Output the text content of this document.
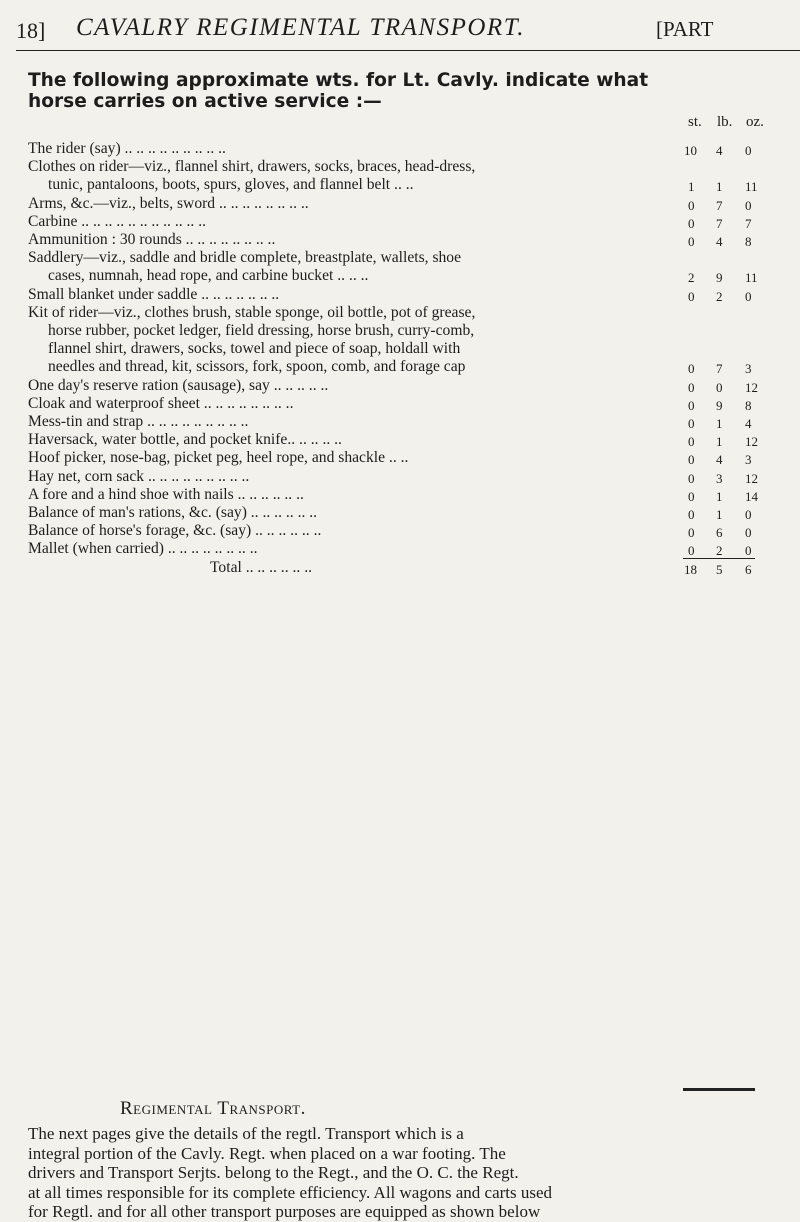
18] CAVALRY REGIMENTAL TRANSPORT.	[PART
The following approximate wts. for Lt. Cavly. indicate what
horse carries on active service :—
st. lb. oz.
The rider (say) .. .. .. .. .. .. .. .. ..	10 4 0
Clothes on rider—viz., flannel shirt, drawers, socks, braces, head-dress,
tunic, pantaloons, boots, spurs, gloves, and flannel belt .. ..	1 1 11
Arms, &c.—viz., belts, sword .. .. .. .. .. .. .. ..	0 7 0
Carbine .. .. .. .. .. .. .. .. .. .. ..	0 7 7
Ammunition : 30 rounds .. .. .. .. .. .. .. ..	0 4 8
Saddlery—viz., saddle and bridle complete, breastplate, wallets, shoe
cases, numnah, head rope, and carbine bucket .. .. ..	2 9 11
Small blanket under saddle .. .. .. .. .. .. ..	0 2 0
Kit of rider—viz., clothes brush, stable sponge, oil bottle, pot of grease,
horse rubber, pocket ledger, field dressing, horse brush, curry-comb,
flannel shirt, drawers, socks, towel and piece of soap, holdall with
needles and thread, kit, scissors, fork, spoon, comb, and forage cap	0 7 3
One day's reserve ration (sausage), say .. .. .. .. ..	0 0 12
Cloak and waterproof sheet .. .. .. .. .. .. .. ..	0 9 8
Mess-tin and strap .. .. .. .. .. .. .. .. ..	0 1 4
Haversack, water bottle, and pocket knife.. .. .. .. ..	0 1 12
Hoof picker, nose-bag, picket peg, heel rope, and shackle .. ..	0 4 3
Hay net, corn sack .. .. .. .. .. .. .. .. ..	0 3 12
A fore and a hind shoe with nails .. .. .. .. .. ..	0 1 14
Balance of man's rations, &c. (say) .. .. .. .. .. ..	0 1 0
Balance of horse's forage, &c. (say) .. .. .. .. .. ..	0 6 0
Mallet (when carried) .. .. .. .. .. .. .. ..	0 2 0
Total .. .. .. .. .. ..	18 5 6
Regimental Transport.
The next pages give the details of the regtl. Transport which is a
integral portion of the Cavly. Regt. when placed on a war footing. The
drivers and Transport Serjts. belong to the Regt., and the O. C. the Regt.
at all times responsible for its complete efficiency. All wagons and carts used
for Regtl. and for all other transport purposes are equipped as shown below
